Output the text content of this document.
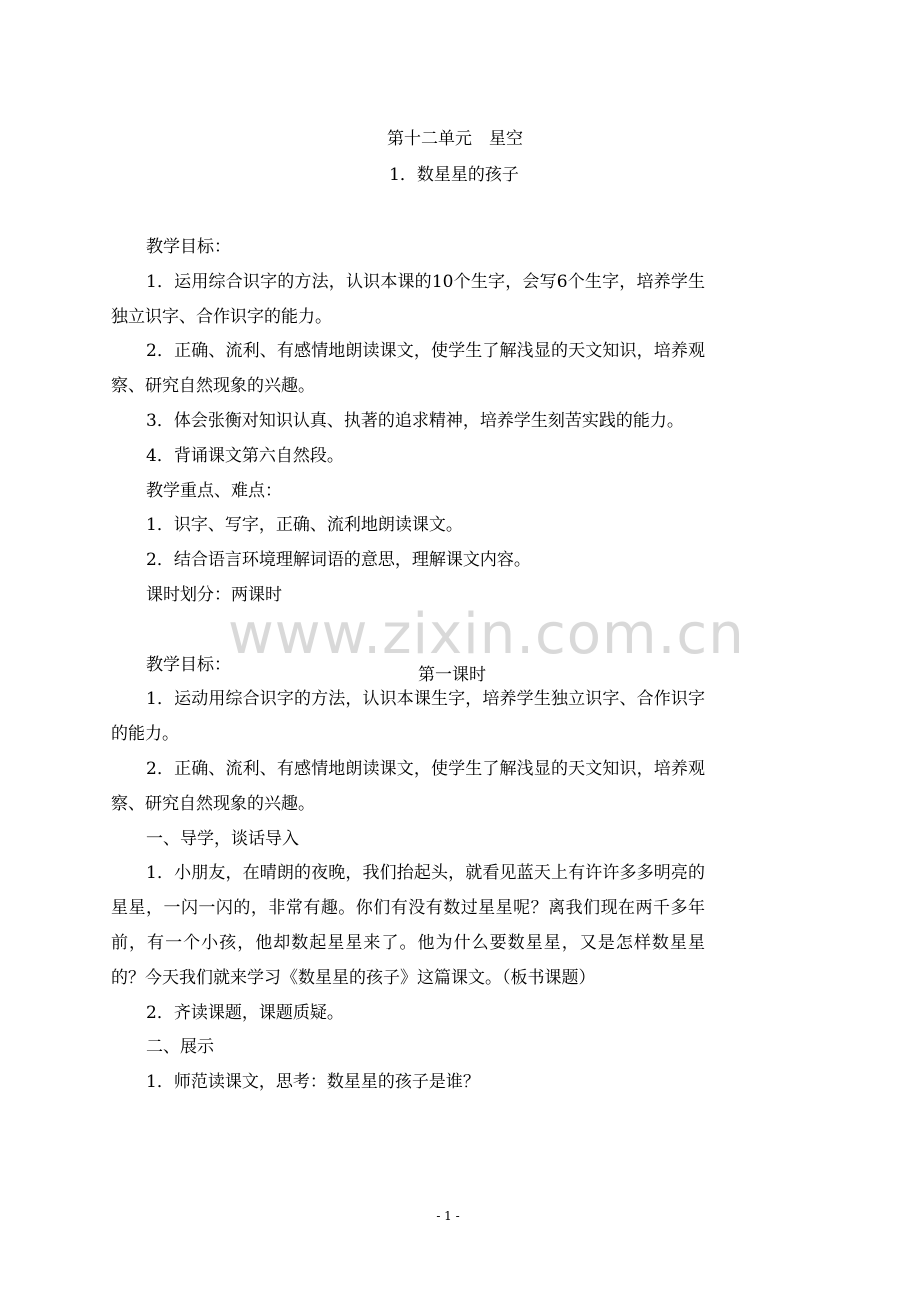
第十二单元　星空
1．数星星的孩子

教学目标：

1．运用综合识字的方法，认识本课的10个生字，会写6个生字，培养学生独立识字、合作识字的能力。

2．正确、流利、有感情地朗读课文，使学生了解浅显的天文知识，培养观察、研究自然现象的兴趣。

3．体会张衡对知识认真、执著的追求精神，培养学生刻苦实践的能力。

4．背诵课文第六自然段。

教学重点、难点：

1．识字、写字，正确、流利地朗读课文。

2．结合语言环境理解词语的意思，理解课文内容。

课时划分：两课时

教学目标：

1．运动用综合识字的方法，认识本课生字，培养学生独立识字、合作识字的能力。

2．正确、流利、有感情地朗读课文，使学生了解浅显的天文知识，培养观察、研究自然现象的兴趣。

一、导学，谈话导入

1．小朋友，在晴朗的夜晚，我们抬起头，就看见蓝天上有许许多多明亮的星星，一闪一闪的，非常有趣。你们有没有数过星星呢？离我们现在两千多年前，有一个小孩，他却数起星星来了。他为什么要数星星，又是怎样数星星的？今天我们就来学习《数星星的孩子》这篇课文。（板书课题）

2．齐读课题，课题质疑。

二、展示

1．师范读课文，思考：数星星的孩子是谁？

第一课时
www.zixin.com.cn
- 1 -
